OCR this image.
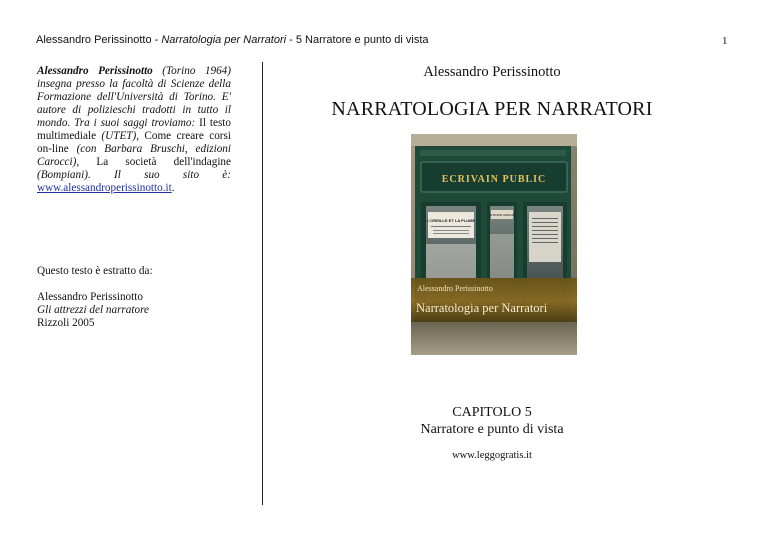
Alessandro Perissinotto - Narratologia per Narratori - 5 Narratore e punto di vista	1
Alessandro Perissinotto (Torino 1964) insegna presso la facoltà di Scienze della Formazione dell'Università di Torino. E' autore di polizieschi tradotti in tutto il mondo. Tra i suoi saggi troviamo: Il testo multimediale (UTET), Come creare corsi on-line (con Barbara Bruschi, edizioni Carocci), La società dell'indagine (Bompiani). Il suo sito è: www.alessandroperissinotto.it.
Questo testo è estratto da:
Alessandro Perissinotto
Gli attrezzi del narratore
Rizzoli 2005
Alessandro Perissinotto
NARRATOLOGIA PER NARRATORI
ECRIVAIN PUBLIC
L'OREILLE ET LA PLUME
DE BONNE ADRESSE
Alessandro Perissinotto
Narratologia per Narratori
CAPITOLO 5
Narratore e punto di vista
www.leggogratis.it
